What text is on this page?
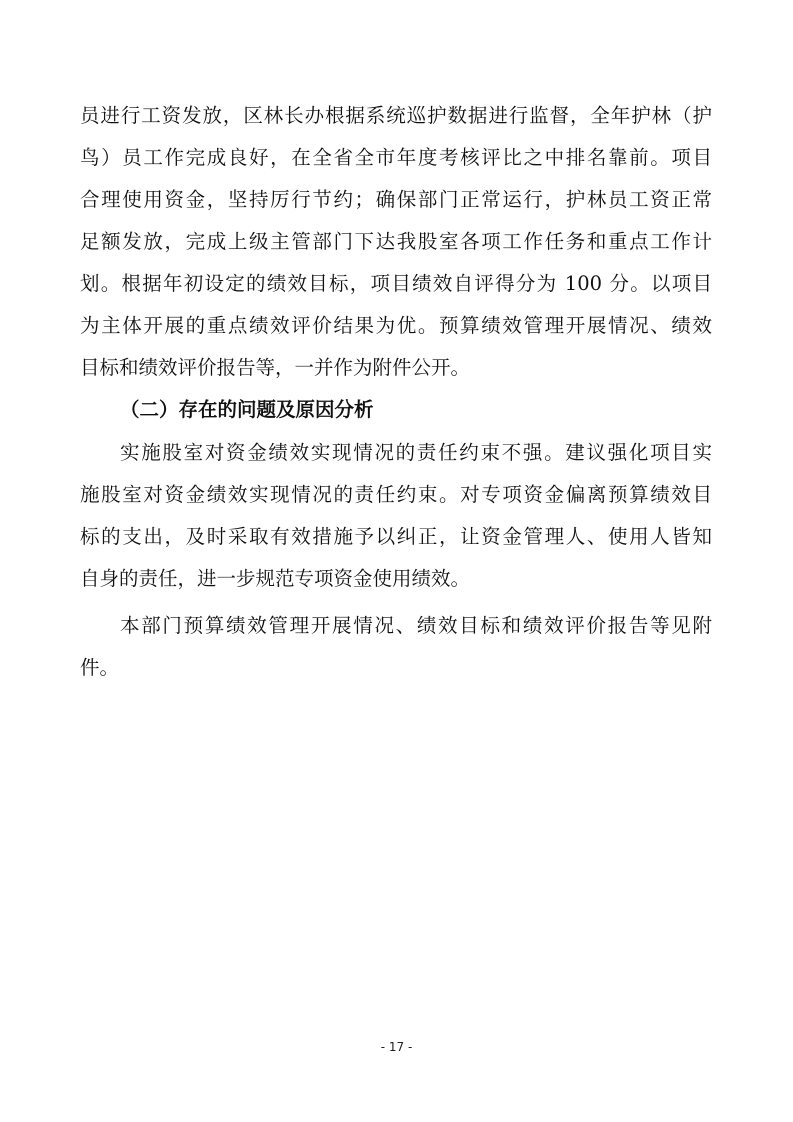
员进行工资发放，区林长办根据系统巡护数据进行监督，全年护林（护

鸟）员工作完成良好，在全省全市年度考核评比之中排名靠前。项目

合理使用资金，坚持厉行节约；确保部门正常运行，护林员工资正常

足额发放，完成上级主管部门下达我股室各项工作任务和重点工作计

划。根据年初设定的绩效目标，项目绩效自评得分为 100 分。以项目

为主体开展的重点绩效评价结果为优。预算绩效管理开展情况、绩效

目标和绩效评价报告等，一并作为附件公开。

（二）存在的问题及原因分析

实施股室对资金绩效实现情况的责任约束不强。建议强化项目实

施股室对资金绩效实现情况的责任约束。对专项资金偏离预算绩效目

标的支出，及时采取有效措施予以纠正，让资金管理人、使用人皆知

自身的责任，进一步规范专项资金使用绩效。

本部门预算绩效管理开展情况、绩效目标和绩效评价报告等见附

件。

- 17 -
